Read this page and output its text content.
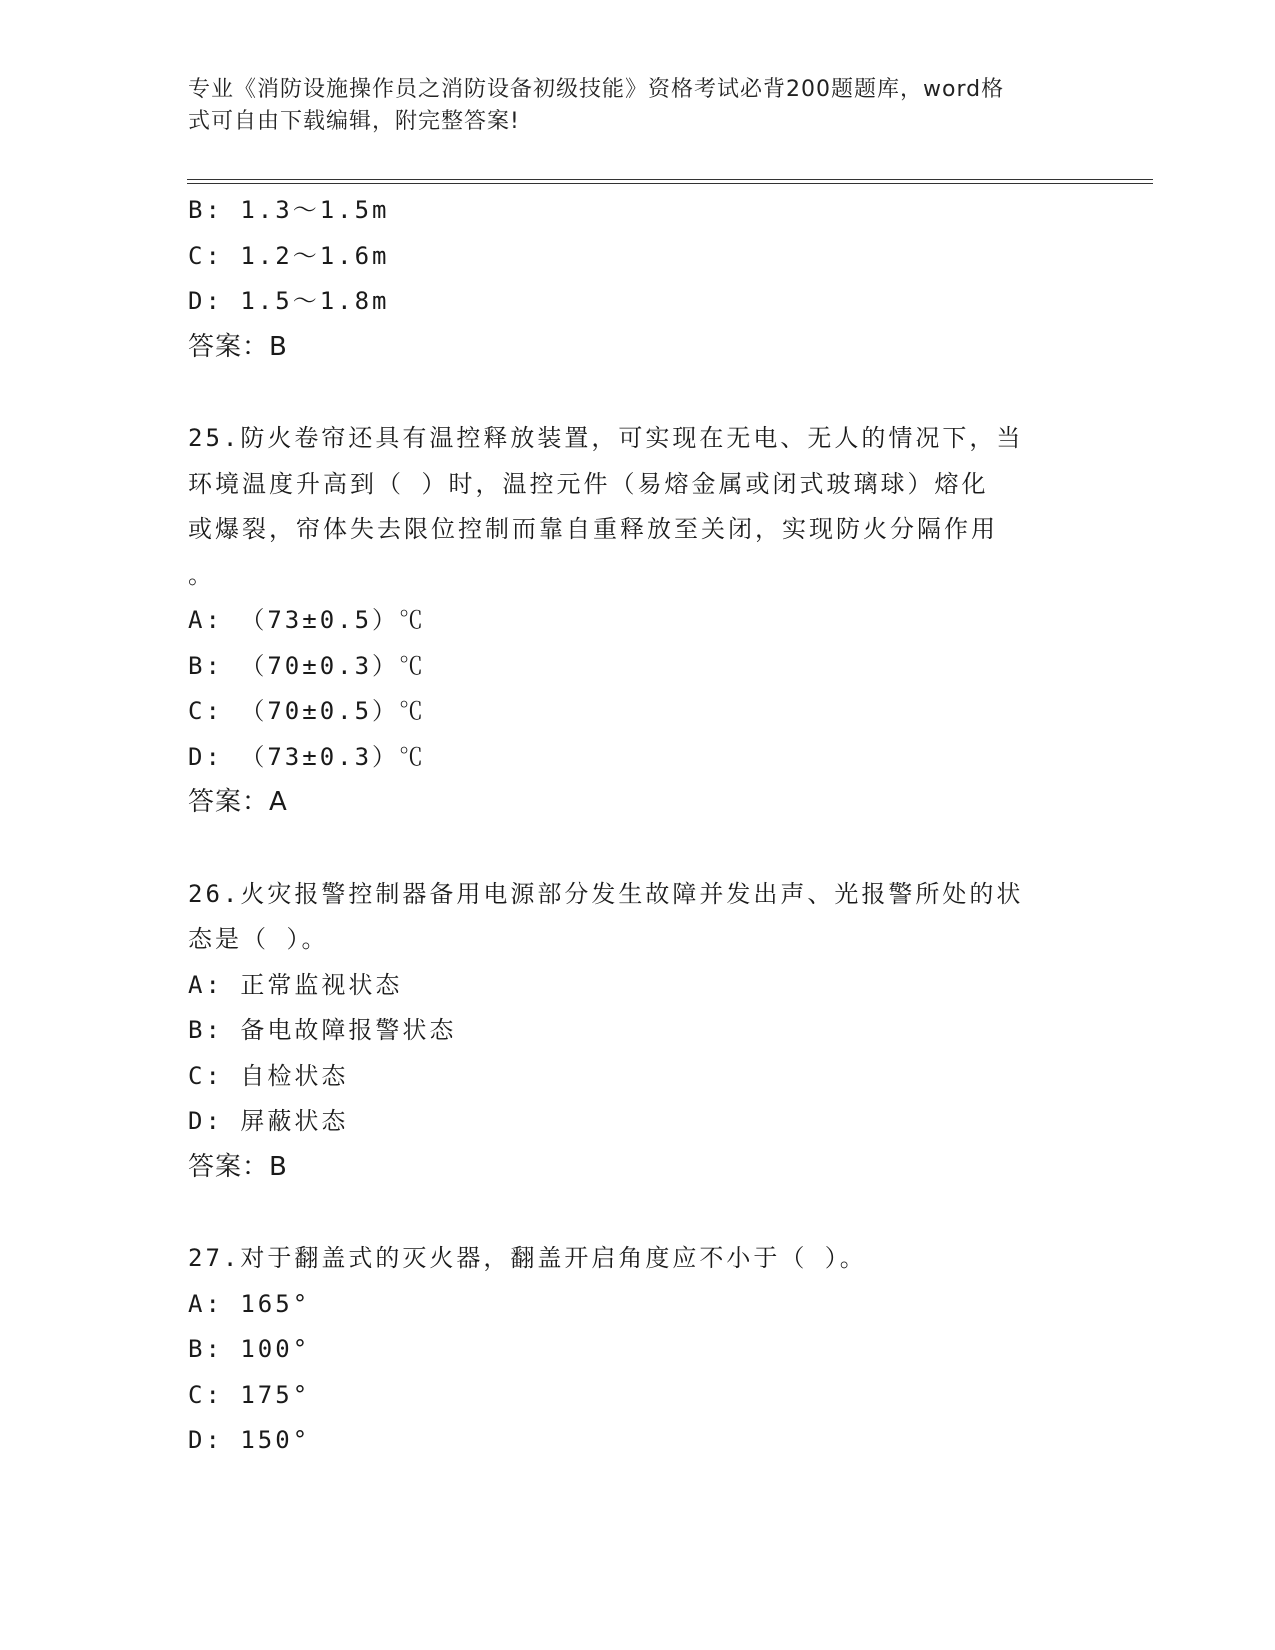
专业《消防设施操作员之消防设备初级技能》资格考试必背200题题库，word格
式可自由下载编辑，附完整答案!
B: 1.3～1.5m
C: 1.2～1.6m
D: 1.5～1.8m
答案：B
25.防火卷帘还具有温控释放装置，可实现在无电、无人的情况下，当
环境温度升高到（ ）时，温控元件（易熔金属或闭式玻璃球）熔化
或爆裂，帘体失去限位控制而靠自重释放至关闭，实现防火分隔作用
。
A: （73±0.5）℃
B: （70±0.3）℃
C: （70±0.5）℃
D: （73±0.3）℃
答案：A
26.火灾报警控制器备用电源部分发生故障并发出声、光报警所处的状
态是（ ）。
A: 正常监视状态
B: 备电故障报警状态
C: 自检状态
D: 屏蔽状态
答案：B
27.对于翻盖式的灭火器，翻盖开启角度应不小于（ ）。
A: 165°
B: 100°
C: 175°
D: 150°
